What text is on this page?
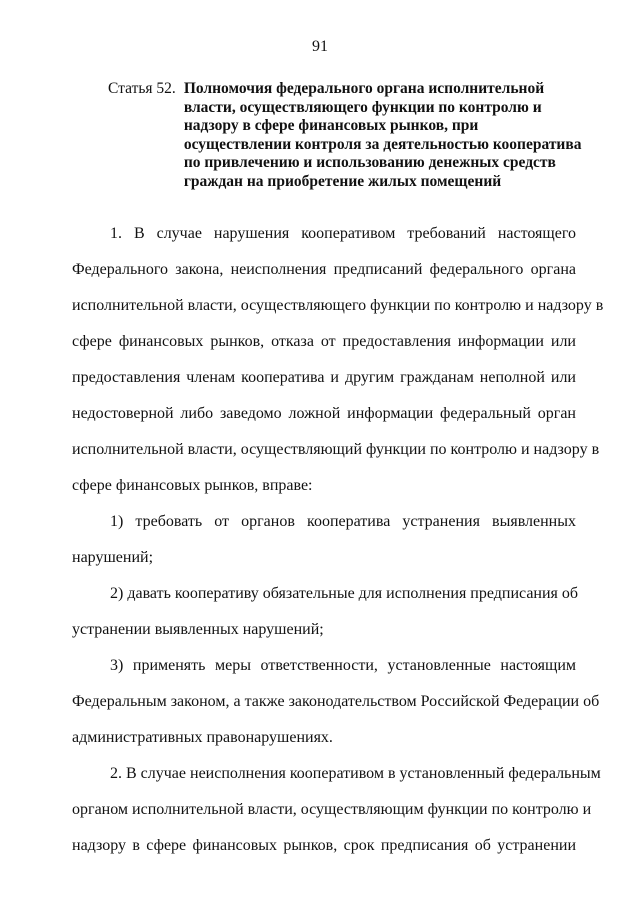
91
Статья 52. Полномочия федерального органа исполнительной власти, осуществляющего функции по контролю и надзору в сфере финансовых рынков, при осуществлении контроля за деятельностью кооператива по привлечению и использованию денежных средств граждан на приобретение жилых помещений
1. В случае нарушения кооперативом требований настоящего
Федерального закона, неисполнения предписаний федерального органа
исполнительной власти, осуществляющего функции по контролю и надзору в
сфере финансовых рынков, отказа от предоставления информации или
предоставления членам кооператива и другим гражданам неполной или
недостоверной либо заведомо ложной информации федеральный орган
исполнительной власти, осуществляющий функции по контролю и надзору в
сфере финансовых рынков, вправе:
1) требовать от органов кооператива устранения выявленных
нарушений;
2) давать кооперативу обязательные для исполнения предписания об
устранении выявленных нарушений;
3) применять меры ответственности, установленные настоящим
Федеральным законом, а также законодательством Российской Федерации об
административных правонарушениях.
2. В случае неисполнения кооперативом в установленный федеральным
органом исполнительной власти, осуществляющим функции по контролю и
надзору в сфере финансовых рынков, срок предписания об устранении
